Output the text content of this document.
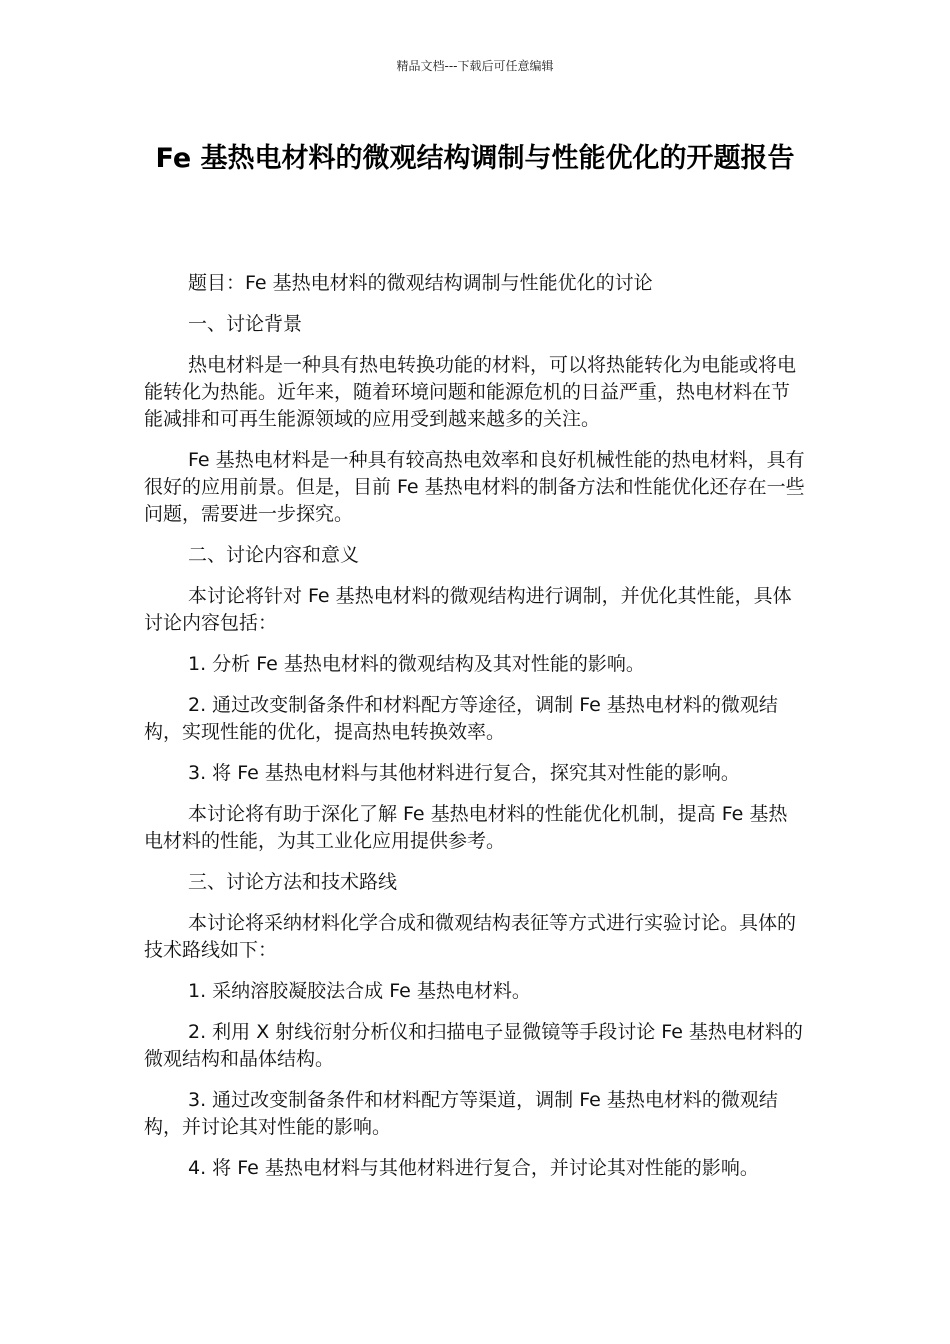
精品文档---下载后可任意编辑
Fe 基热电材料的微观结构调制与性能优化的开题报告

题目：Fe 基热电材料的微观结构调制与性能优化的讨论

一、讨论背景

热电材料是一种具有热电转换功能的材料，可以将热能转化为电能或将电能转化为热能。近年来，随着环境问题和能源危机的日益严重，热电材料在节能减排和可再生能源领域的应用受到越来越多的关注。

Fe 基热电材料是一种具有较高热电效率和良好机械性能的热电材料，具有很好的应用前景。但是，目前 Fe 基热电材料的制备方法和性能优化还存在一些问题，需要进一步探究。

二、讨论内容和意义

本讨论将针对 Fe 基热电材料的微观结构进行调制，并优化其性能，具体讨论内容包括：

1. 分析 Fe 基热电材料的微观结构及其对性能的影响。

2. 通过改变制备条件和材料配方等途径，调制 Fe 基热电材料的微观结构，实现性能的优化，提高热电转换效率。

3. 将 Fe 基热电材料与其他材料进行复合，探究其对性能的影响。

本讨论将有助于深化了解 Fe 基热电材料的性能优化机制，提高 Fe 基热电材料的性能，为其工业化应用提供参考。

三、讨论方法和技术路线

本讨论将采纳材料化学合成和微观结构表征等方式进行实验讨论。具体的技术路线如下：

1. 采纳溶胶凝胶法合成 Fe 基热电材料。

2. 利用 X 射线衍射分析仪和扫描电子显微镜等手段讨论 Fe 基热电材料的微观结构和晶体结构。

3. 通过改变制备条件和材料配方等渠道，调制 Fe 基热电材料的微观结构，并讨论其对性能的影响。

4. 将 Fe 基热电材料与其他材料进行复合，并讨论其对性能的影响。
